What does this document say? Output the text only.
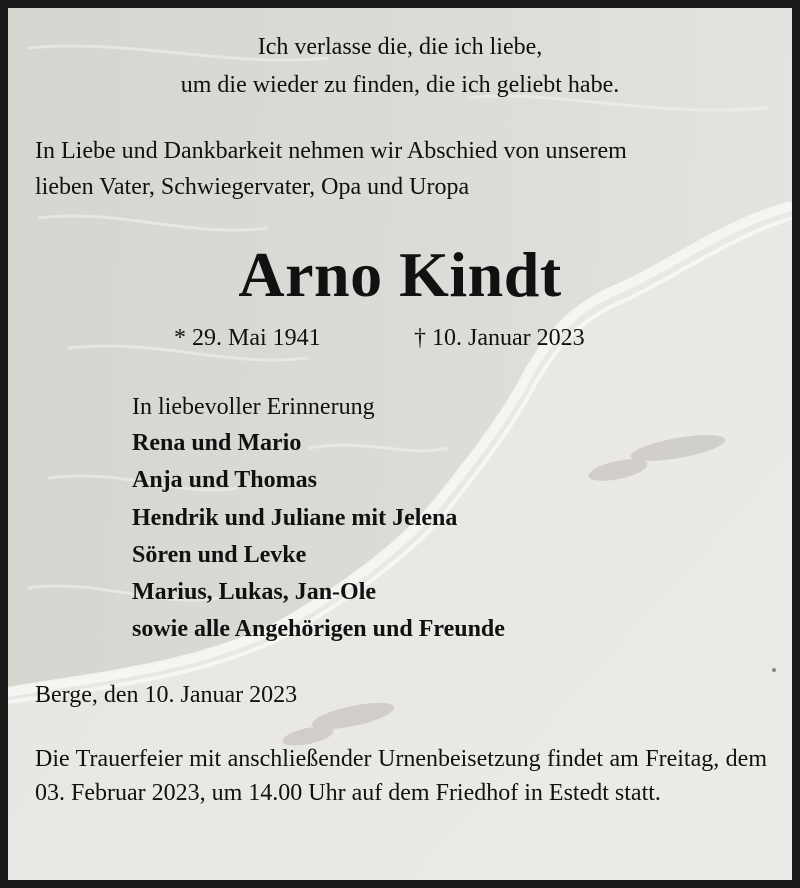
Ich verlasse die, die ich liebe,
um die wieder zu finden, die ich geliebt habe.
In Liebe und Dankbarkeit nehmen wir Abschied von unserem
lieben Vater, Schwiegervater, Opa und Uropa
Arno Kindt
* 29. Mai 1941	† 10. Januar 2023
In liebevoller Erinnerung
Rena und Mario
Anja und Thomas
Hendrik und Juliane mit Jelena
Sören und Levke
Marius, Lukas, Jan-Ole
sowie alle Angehörigen und Freunde
Berge, den 10. Januar 2023
Die Trauerfeier mit anschließender Urnenbeisetzung findet am Freitag, dem 03. Februar 2023, um 14.00 Uhr auf dem Friedhof in Estedt statt.
